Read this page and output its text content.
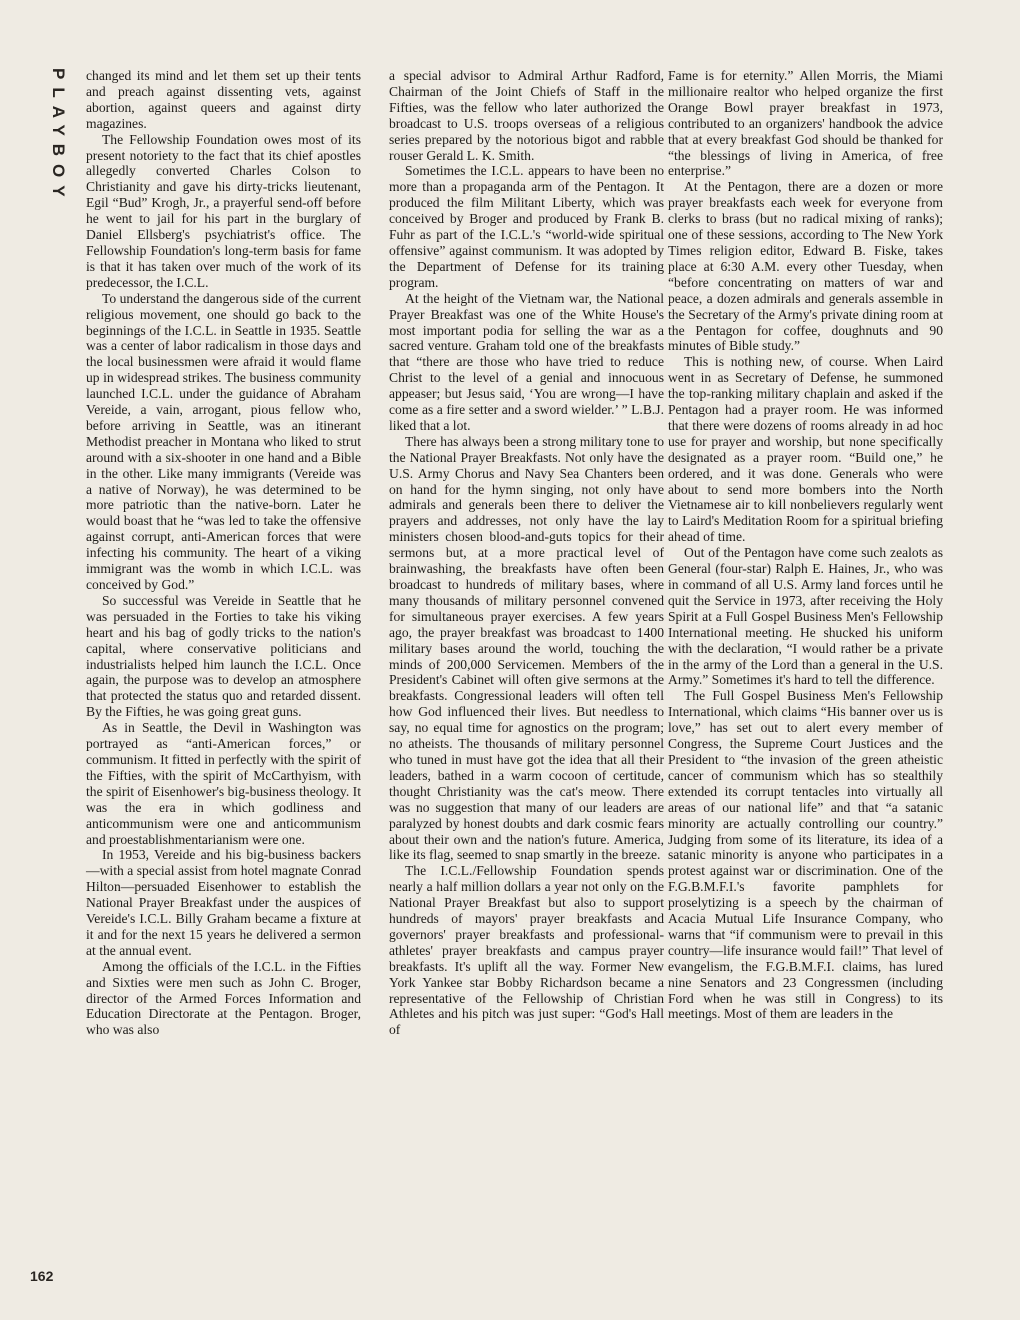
PLAYBOY changed its mind and let them set up their tents and preach against dissenting vets, against abortion, against queers and against dirty magazines.

The Fellowship Foundation owes most of its present notoriety to the fact that its chief apostles allegedly converted Charles Colson to Christianity and gave his dirty-tricks lieutenant, Egil “Bud” Krogh, Jr., a prayerful send-off before he went to jail for his part in the burglary of Daniel Ellsberg's psychiatrist's office. The Fellowship Foundation's long-term basis for fame is that it has taken over much of the work of its predecessor, the I.C.L.

To understand the dangerous side of the current religious movement, one should go back to the beginnings of the I.C.L. in Seattle in 1935. Seattle was a center of labor radicalism in those days and the local businessmen were afraid it would flame up in widespread strikes. The business community launched I.C.L. under the guidance of Abraham Vereide, a vain, arrogant, pious fellow who, before arriving in Seattle, was an itinerant Methodist preacher in Montana who liked to strut around with a six-shooter in one hand and a Bible in the other. Like many immigrants (Vereide was a native of Norway), he was determined to be more patriotic than the native-born. Later he would boast that he “was led to take the offensive against corrupt, anti-American forces that were infecting his community. The heart of a viking immigrant was the womb in which I.C.L. was conceived by God.”

So successful was Vereide in Seattle that he was persuaded in the Forties to take his viking heart and his bag of godly tricks to the nation's capital, where conservative politicians and industrialists helped him launch the I.C.L. Once again, the purpose was to develop an atmosphere that protected the status quo and retarded dissent. By the Fifties, he was going great guns.

As in Seattle, the Devil in Washington was portrayed as “anti-American forces,” or communism. It fitted in perfectly with the spirit of the Fifties, with the spirit of McCarthyism, with the spirit of Eisenhower's big-business theology. It was the era in which godliness and anticommunism were one and anticommunism and proestablishmentarianism were one.

In 1953, Vereide and his big-business backers—with a special assist from hotel magnate Conrad Hilton—persuaded Eisenhower to establish the National Prayer Breakfast under the auspices of Vereide's I.C.L. Billy Graham became a fixture at it and for the next 15 years he delivered a sermon at the annual event.

Among the officials of the I.C.L. in the Fifties and Sixties were men such as John C. Broger, director of the Armed Forces Information and Education Directorate at the Pentagon. Broger, who was also

a special advisor to Admiral Arthur Radford, Chairman of the Joint Chiefs of Staff in the Fifties, was the fellow who later authorized the broadcast to U.S. troops overseas of a religious series prepared by the notorious bigot and rabble rouser Gerald L. K. Smith.

Sometimes the I.C.L. appears to have been no more than a propaganda arm of the Pentagon. It produced the film Militant Liberty, which was conceived by Broger and produced by Frank B. Fuhr as part of the I.C.L.'s “world-wide spiritual offensive” against communism. It was adopted by the Department of Defense for its training program.

At the height of the Vietnam war, the National Prayer Breakfast was one of the White House's most important podia for selling the war as a sacred venture. Graham told one of the breakfasts that “there are those who have tried to reduce Christ to the level of a genial and innocuous appeaser; but Jesus said, ‘You are wrong—I have come as a fire setter and a sword wielder.’ ” L.B.J. liked that a lot.

There has always been a strong military tone to the National Prayer Breakfasts. Not only have the U.S. Army Chorus and Navy Sea Chanters been on hand for the hymn singing, not only have admirals and generals been there to deliver the prayers and addresses, not only have the lay ministers chosen blood-and-guts topics for their sermons but, at a more practical level of brainwashing, the breakfasts have often been broadcast to hundreds of military bases, where many thousands of military personnel convened for simultaneous prayer exercises. A few years ago, the prayer breakfast was broadcast to 1400 military bases around the world, touching the minds of 200,000 Servicemen. Members of the President's Cabinet will often give sermons at the breakfasts. Congressional leaders will often tell how God influenced their lives. But needless to say, no equal time for agnostics on the program; no atheists. The thousands of military personnel who tuned in must have got the idea that all their leaders, bathed in a warm cocoon of certitude, thought Christianity was the cat's meow. There was no suggestion that many of our leaders are paralyzed by honest doubts and dark cosmic fears about their own and the nation's future. America, like its flag, seemed to snap smartly in the breeze.

The I.C.L./Fellowship Foundation spends nearly a half million dollars a year not only on the National Prayer Breakfast but also to support hundreds of mayors' prayer breakfasts and governors' prayer breakfasts and professional-athletes' prayer breakfasts and campus prayer breakfasts. It's uplift all the way. Former New York Yankee star Bobby Richardson became a representative of the Fellowship of Christian Athletes and his pitch was just super: “God's Hall of

Fame is for eternity.” Allen Morris, the Miami millionaire realtor who helped organize the first Orange Bowl prayer breakfast in 1973, contributed to an organizers' handbook the advice that at every breakfast God should be thanked for “the blessings of living in America, of free enterprise.”

At the Pentagon, there are a dozen or more prayer breakfasts each week for everyone from clerks to brass (but no radical mixing of ranks); one of these sessions, according to The New York Times religion editor, Edward B. Fiske, takes place at 6:30 A.M. every other Tuesday, when “before concentrating on matters of war and peace, a dozen admirals and generals assemble in the Secretary of the Army's private dining room at the Pentagon for coffee, doughnuts and 90 minutes of Bible study.”

This is nothing new, of course. When Laird went in as Secretary of Defense, he summoned the top-ranking military chaplain and asked if the Pentagon had a prayer room. He was informed that there were dozens of rooms already in ad hoc use for prayer and worship, but none specifically designated as a prayer room. “Build one,” he ordered, and it was done. Generals who were about to send more bombers into the North Vietnamese air to kill nonbelievers regularly went to Laird's Meditation Room for a spiritual briefing ahead of time.

Out of the Pentagon have come such zealots as General (four-star) Ralph E. Haines, Jr., who was in command of all U.S. Army land forces until he quit the Service in 1973, after receiving the Holy Spirit at a Full Gospel Business Men's Fellowship International meeting. He shucked his uniform with the declaration, “I would rather be a private in the army of the Lord than a general in the U.S. Army.” Sometimes it's hard to tell the difference.

The Full Gospel Business Men's Fellowship International, which claims “His banner over us is love,” has set out to alert every member of Congress, the Supreme Court Justices and the President to “the invasion of the green atheistic cancer of communism which has so stealthily extended its corrupt tentacles into virtually all areas of our national life” and that “a satanic minority are actually controlling our country.” Judging from some of its literature, its idea of a satanic minority is anyone who participates in a protest against war or discrimination. One of the F.G.B.M.F.I.'s favorite pamphlets for proselytizing is a speech by the chairman of Acacia Mutual Life Insurance Company, who warns that “if communism were to prevail in this country—life insurance would fail!” That level of evangelism, the F.G.B.M.F.I. claims, has lured nine Senators and 23 Congressmen (including Ford when he was still in Congress) to its meetings. Most of them are leaders in the

162
